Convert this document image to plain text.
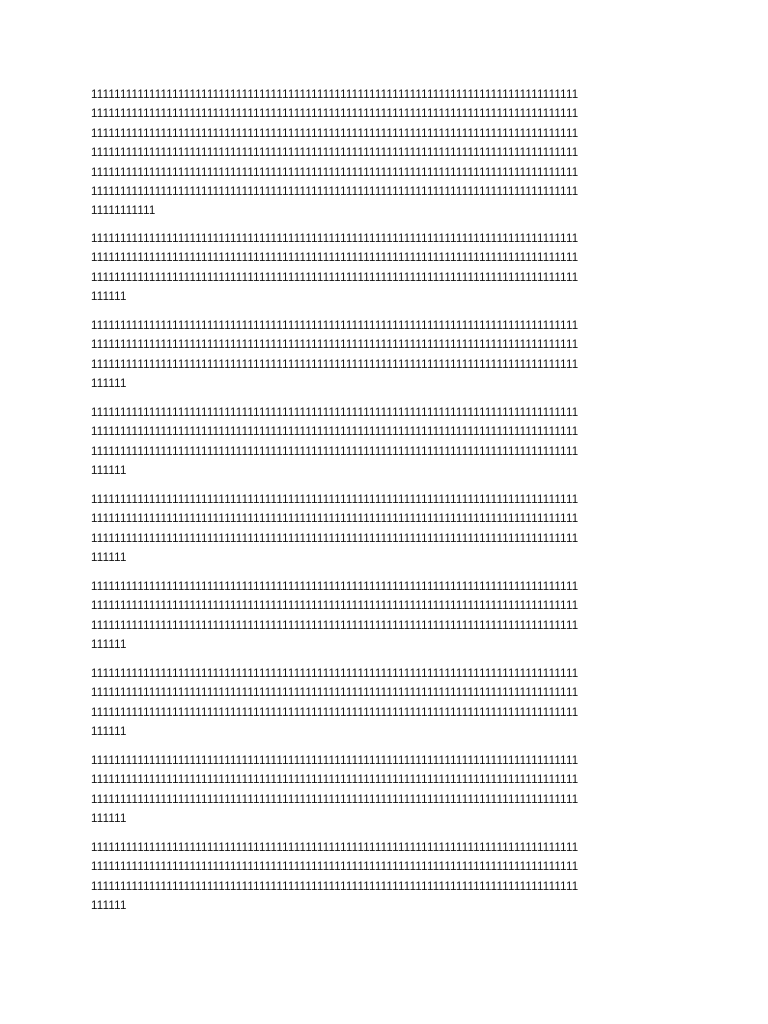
111111111111111111111111111111111111111111111111111111111111111111111111111111111111
111111111111111111111111111111111111111111111111111111111111111111111111111111111111
111111111111111111111111111111111111111111111111111111111111111111111111111111111111
111111111111111111111111111111111111111111111111111111111111111111111111111111111111
111111111111111111111111111111111111111111111111111111111111111111111111111111111111
111111111111111111111111111111111111111111111111111111111111111111111111111111111111
11111111111
111111111111111111111111111111111111111111111111111111111111111111111111111111111111
111111111111111111111111111111111111111111111111111111111111111111111111111111111111
111111111111111111111111111111111111111111111111111111111111111111111111111111111111
111111
111111111111111111111111111111111111111111111111111111111111111111111111111111111111
111111111111111111111111111111111111111111111111111111111111111111111111111111111111
111111111111111111111111111111111111111111111111111111111111111111111111111111111111
111111
111111111111111111111111111111111111111111111111111111111111111111111111111111111111
111111111111111111111111111111111111111111111111111111111111111111111111111111111111
111111111111111111111111111111111111111111111111111111111111111111111111111111111111
111111
111111111111111111111111111111111111111111111111111111111111111111111111111111111111
111111111111111111111111111111111111111111111111111111111111111111111111111111111111
111111111111111111111111111111111111111111111111111111111111111111111111111111111111
111111
111111111111111111111111111111111111111111111111111111111111111111111111111111111111
111111111111111111111111111111111111111111111111111111111111111111111111111111111111
111111111111111111111111111111111111111111111111111111111111111111111111111111111111
111111
111111111111111111111111111111111111111111111111111111111111111111111111111111111111
111111111111111111111111111111111111111111111111111111111111111111111111111111111111
111111111111111111111111111111111111111111111111111111111111111111111111111111111111
111111
111111111111111111111111111111111111111111111111111111111111111111111111111111111111
111111111111111111111111111111111111111111111111111111111111111111111111111111111111
111111111111111111111111111111111111111111111111111111111111111111111111111111111111
111111
111111111111111111111111111111111111111111111111111111111111111111111111111111111111
111111111111111111111111111111111111111111111111111111111111111111111111111111111111
111111111111111111111111111111111111111111111111111111111111111111111111111111111111
111111
